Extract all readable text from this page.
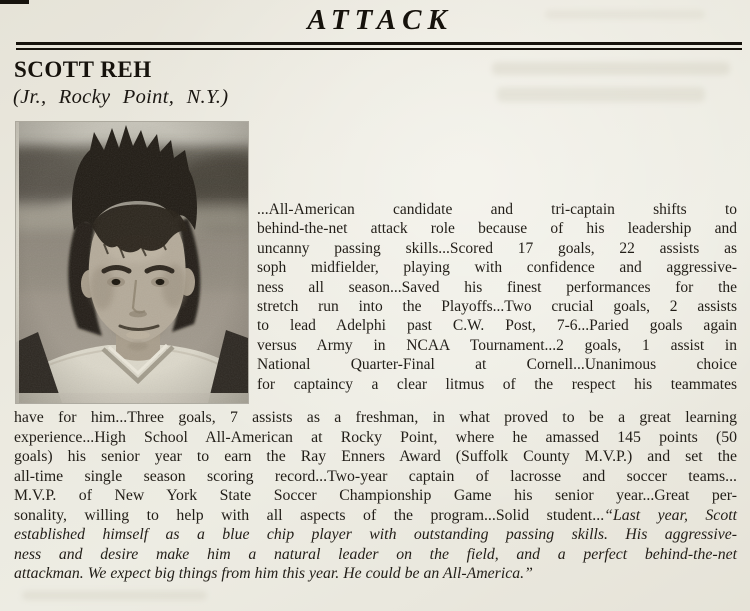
ATTACK
SCOTT REH
(Jr., Rocky Point, N.Y.)
...All-American candidate and tri-captain shifts to
behind-the-net attack role because of his leadership and
uncanny passing skills...Scored 17 goals, 22 assists as
soph midfielder, playing with confidence and aggressive-
ness all season...Saved his finest performances for the
stretch run into the Playoffs...Two crucial goals, 2 assists
to lead Adelphi past C.W. Post, 7-6...Paried goals again
versus Army in NCAA Tournament...2 goals, 1 assist in
National Quarter-Final at Cornell...Unanimous choice
for captaincy a clear litmus of the respect his teammates
have for him...Three goals, 7 assists as a freshman, in what proved to be a great learning
experience...High School All-American at Rocky Point, where he amassed 145 points (50
goals) his senior year to earn the Ray Enners Award (Suffolk County M.V.P.) and set the
all-time single season scoring record...Two-year captain of lacrosse and soccer teams...
M.V.P. of New York State Soccer Championship Game his senior year...Great per-
sonality, willing to help with all aspects of the program...Solid student...“Last year, Scott
established himself as a blue chip player with outstanding passing skills. His aggressive-
ness and desire make him a natural leader on the field, and a perfect behind-the-net
attackman. We expect big things from him this year. He could be an All-America.”
